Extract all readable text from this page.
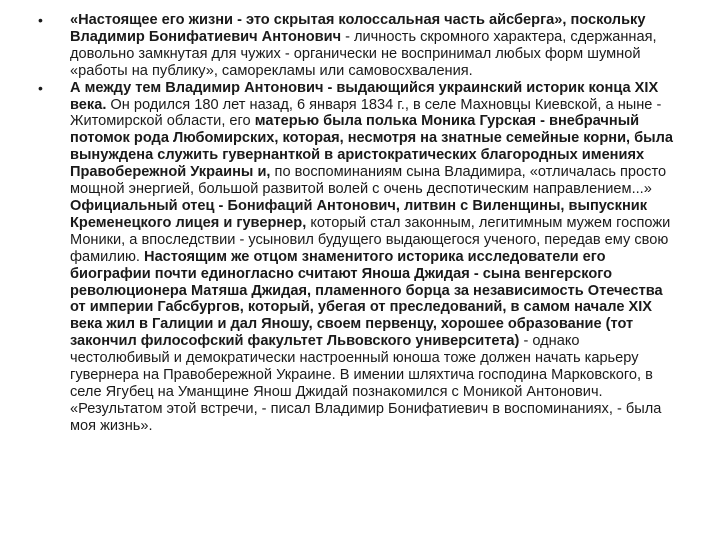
• «Настоящее его жизни - это скрытая колоссальная часть айсберга», поскольку Владимир Бонифатиевич Антонович - личность скромного характера, сдержанная, довольно замкнутая для чужих - органически не воспринимал любых форм шумной «работы на публику», саморекламы или самовосхваления.
• А между тем Владимир Антонович - выдающийся украинский историк конца XIX века. Он родился 180 лет назад, 6 января 1834 г., в селе Махновцы Киевской, а ныне - Житомирской области, его матерью была полька Моника Гурская - внебрачный потомок рода Любомирских, которая, несмотря на знатные семейные корни, была вынуждена служить гувернанткой в аристократических благородных имениях Правобережной Украины и, по воспоминаниям сына Владимира, «отличалась просто мощной энергией, большой развитой волей с очень деспотическим направлением...» Официальный отец - Бонифаций Антонович, литвин с Виленщины, выпускник Кременецкого лицея и гувернер, который стал законным, легитимным мужем госпожи Моники, а впоследствии - усыновил будущего выдающегося ученого, передав ему свою фамилию. Настоящим же отцом знаменитого историка исследователи его биографии почти единогласно считают Яноша Джидая - сына венгерского революционера Матяша Джидая, пламенного борца за независимость Отечества от империи Габсбургов, который, убегая от преследований, в самом начале XIX века жил в Галиции и дал Яношу, своем первенцу, хорошее образование (тот закончил философский факультет Львовского университета) - однако честолюбивый и демократически настроенный юноша тоже должен начать карьеру гувернера на Правобережной Украине. В имении шляхтича господина Марковского, в селе Ягубец на Уманщине Янош Джидай познакомился с Моникой Антонович. «Результатом этой встречи, - писал Владимир Бонифатиевич в воспоминаниях, - была моя жизнь».
